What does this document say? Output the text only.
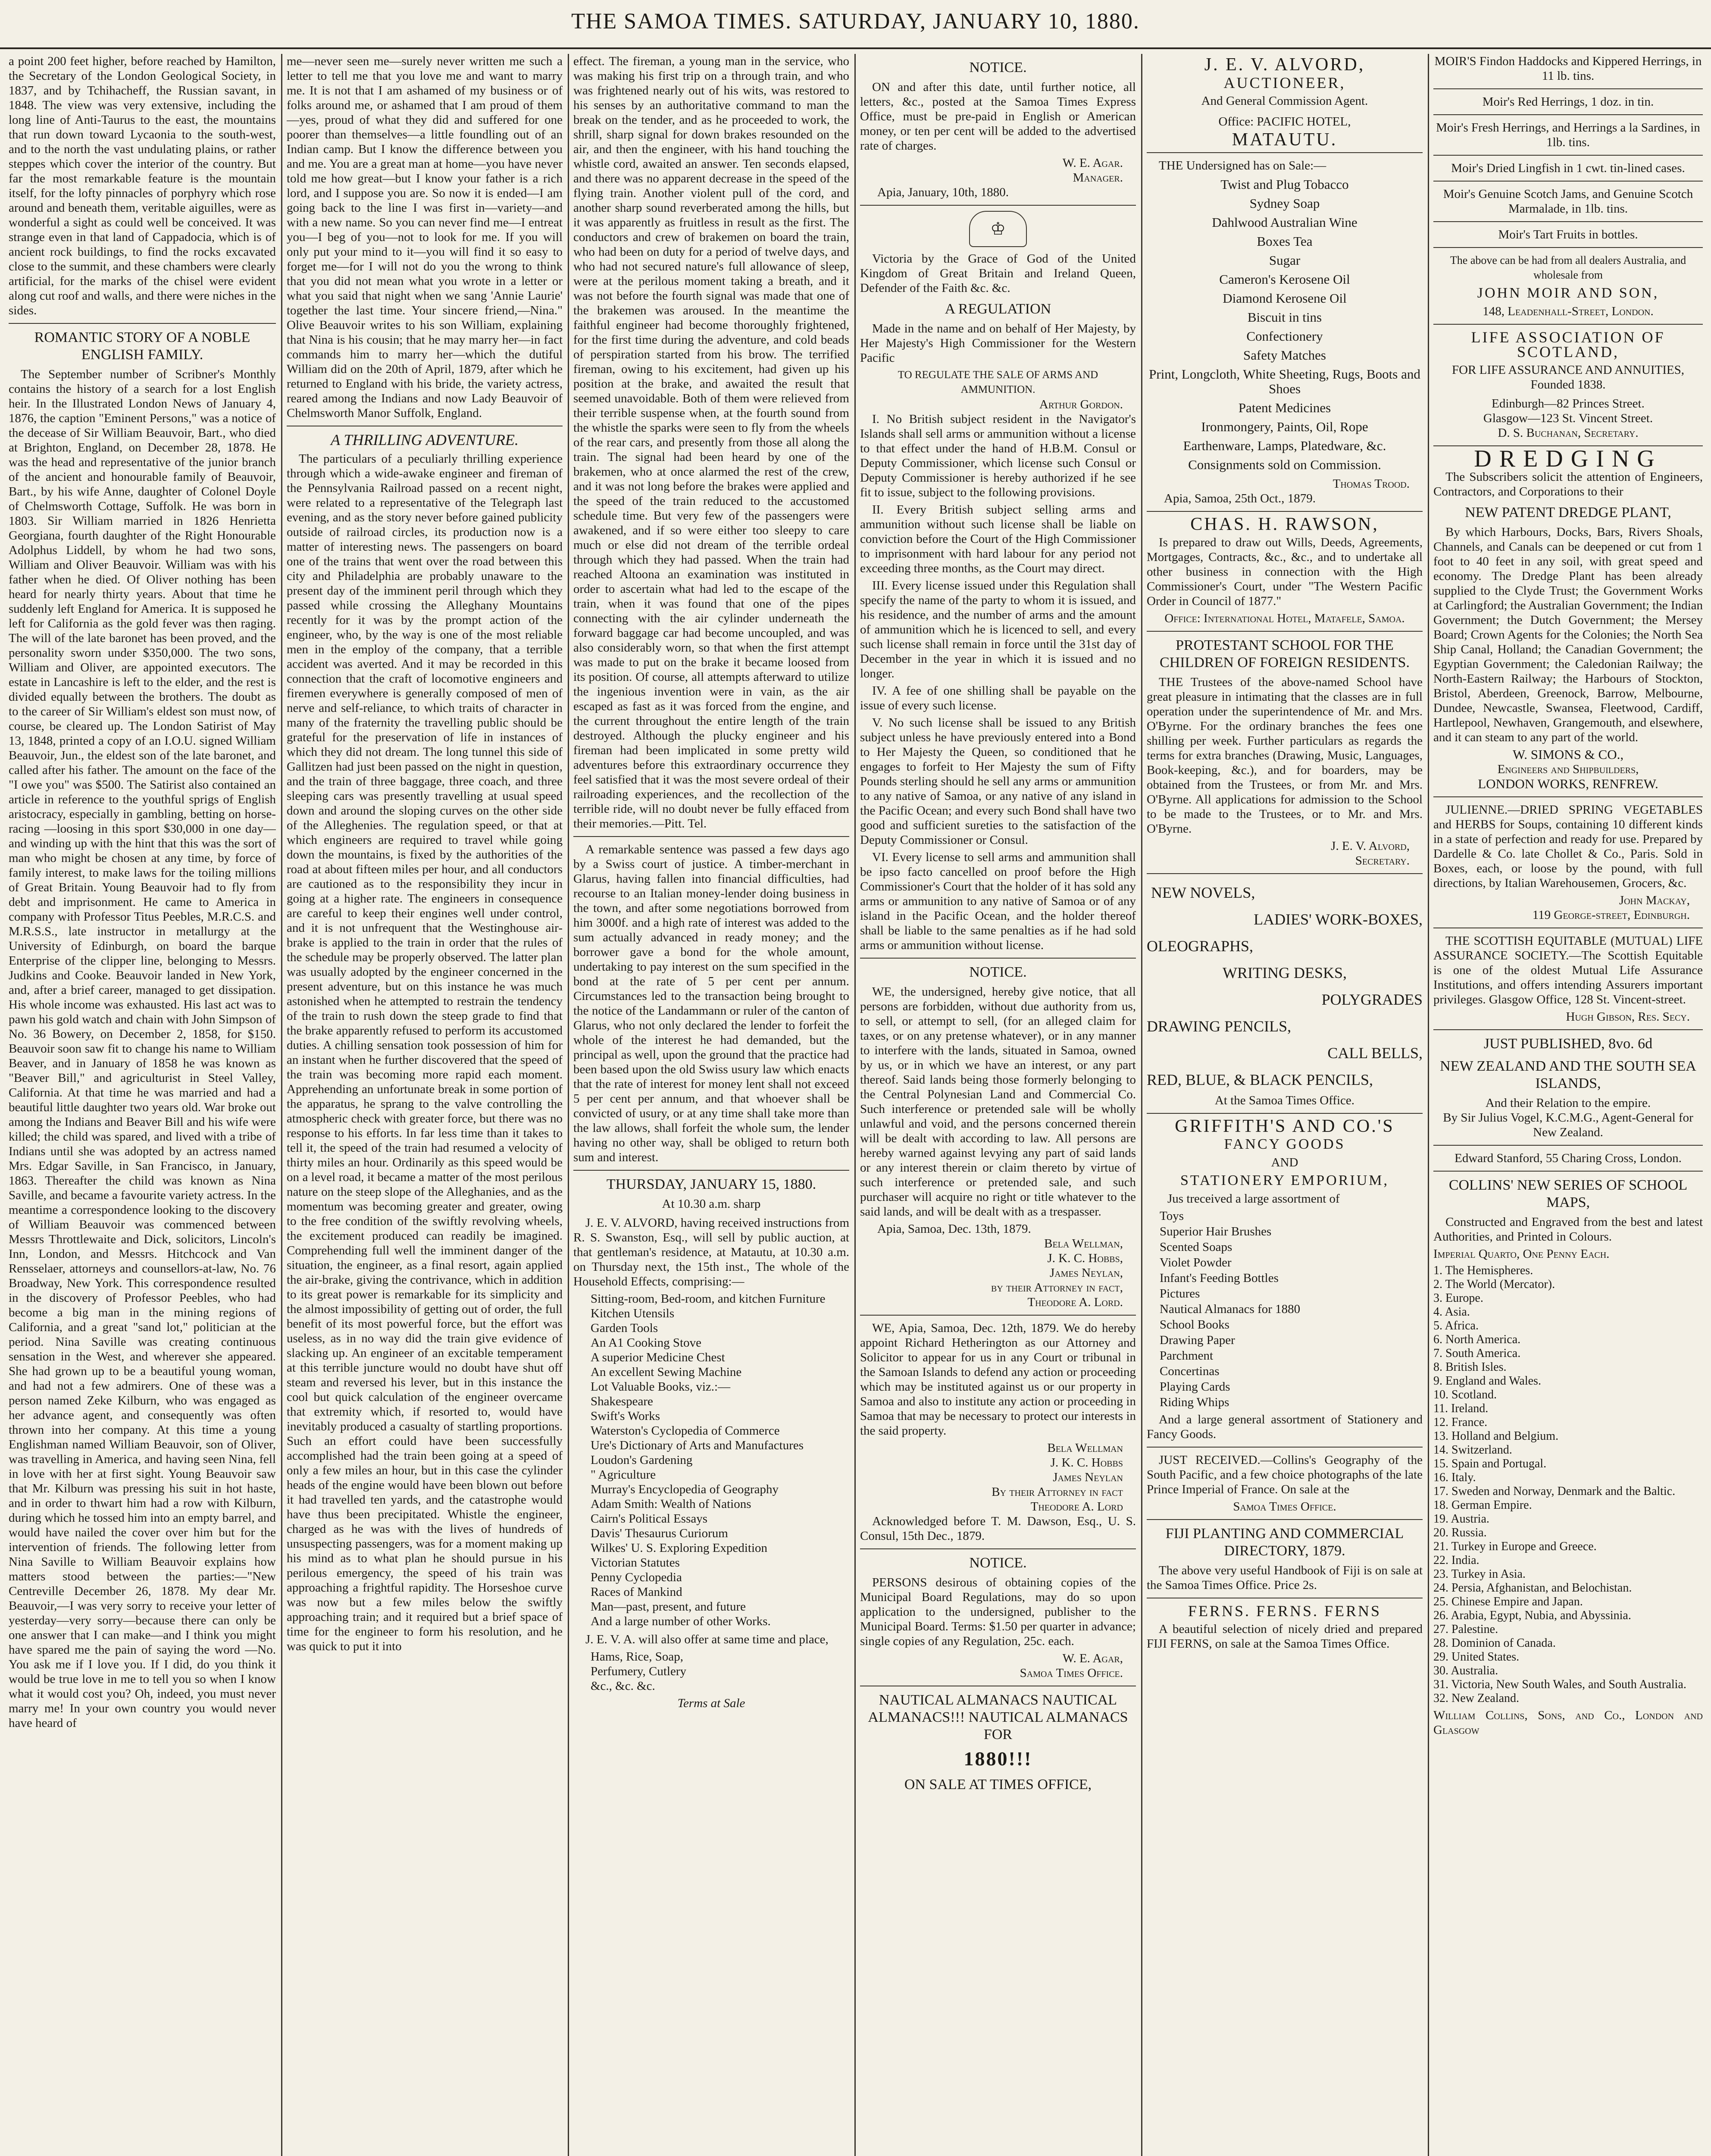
THE SAMOA TIMES. SATURDAY, JANUARY 10, 1880.

a point 200 feet higher, before reached by Hamilton, the Secretary of the London Geological Society, in 1837, and by Tchihacheff, the Russian savant, in 1848. The view was very extensive, including the long line of Anti-Taurus to the east, the mountains that run down toward Lycaonia to the south-west, and to the north the vast undulating plains, or rather steppes which cover the interior of the country. But far the most remarkable feature is the mountain itself, for the lofty pinnacles of porphyry which rose around and beneath them, veritable aiguilles, were as wonderful a sight as could well be conceived. It was strange even in that land of Cappadocia, which is of ancient rock buildings, to find the rocks excavated close to the summit, and these chambers were clearly artificial, for the marks of the chisel were evident along cut roof and walls, and there were niches in the sides.

ROMANTIC STORY OF A NOBLE ENGLISH FAMILY.

The September number of Scribner's Monthly contains the history of a search for a lost English heir. In the Illustrated London News of January 4, 1876, the caption "Eminent Persons," was a notice of the decease of Sir William Beauvoir, Bart., who died at Brighton, England, on December 28, 1878. He was the head and representative of the junior branch of the ancient and honourable family of Beauvoir, Bart., by his wife Anne, daughter of Colonel Doyle of Chelmsworth Cottage, Suffolk. He was born in 1803. Sir William married in 1826 Henrietta Georgiana, fourth daughter of the Right Honourable Adolphus Liddell, by whom he had two sons, William and Oliver Beauvoir. William was with his father when he died. Of Oliver nothing has been heard for nearly thirty years. About that time he suddenly left England for America. It is supposed he left for California as the gold fever was then raging. The will of the late baronet has been proved, and the personality sworn under $350,000. The two sons, William and Oliver, are appointed executors. The estate in Lancashire is left to the elder, and the rest is divided equally between the brothers. The doubt as to the career of Sir William's eldest son must now, of course, be cleared up. The London Satirist of May 13, 1848, printed a copy of an I.O.U. signed William Beauvoir, Jun., the eldest son of the late baronet, and called after his father. The amount on the face of the "I owe you" was $500. The Satirist also contained an article in reference to the youthful sprigs of English aristocracy, especially in gambling, betting on horse-racing —loosing in this sport $30,000 in one day—and winding up with the hint that this was the sort of man who might be chosen at any time, by force of family interest, to make laws for the toiling millions of Great Britain. Young Beauvoir had to fly from debt and imprisonment. He came to America in company with Professor Titus Peebles, M.R.C.S. and M.R.S.S., late instructor in metallurgy at the University of Edinburgh, on board the barque Enterprise of the clipper line, belonging to Messrs. Judkins and Cooke. Beauvoir landed in New York, and, after a brief career, managed to get dissipation. His whole income was exhausted. His last act was to pawn his gold watch and chain with John Simpson of No. 36 Bowery, on December 2, 1858, for $150. Beauvoir soon saw fit to change his name to William Beaver, and in January of 1858 he was known as "Beaver Bill," and agriculturist in Steel Valley, California. At that time he was married and had a beautiful little daughter two years old. War broke out among the Indians and Beaver Bill and his wife were killed; the child was spared, and lived with a tribe of Indians until she was adopted by an actress named Mrs. Edgar Saville, in San Francisco, in January, 1863. Thereafter the child was known as Nina Saville, and became a favourite variety actress. In the meantime a correspondence looking to the discovery of William Beauvoir was commenced between Messrs Throttlewaite and Dick, solicitors, Lincoln's Inn, London, and Messrs. Hitchcock and Van Rensselaer, attorneys and counsellors-at-law, No. 76 Broadway, New York. This correspondence resulted in the discovery of Professor Peebles, who had become a big man in the mining regions of California, and a great "sand lot," politician at the period. Nina Saville was creating continuous sensation in the West, and wherever she appeared. She had grown up to be a beautiful young woman, and had not a few admirers. One of these was a person named Zeke Kilburn, who was engaged as her advance agent, and consequently was often thrown into her company. At this time a young Englishman named William Beauvoir, son of Oliver, was travelling in America, and having seen Nina, fell in love with her at first sight. Young Beauvoir saw that Mr. Kilburn was pressing his suit in hot haste, and in order to thwart him had a row with Kilburn, during which he tossed him into an empty barrel, and would have nailed the cover over him but for the intervention of friends. The following letter from Nina Saville to William Beauvoir explains how matters stood between the parties:—"New Centreville December 26, 1878. My dear Mr. Beauvoir,—I was very sorry to receive your letter of yesterday—very sorry—because there can only be one answer that I can make—and I think you might have spared me the pain of saying the word —No. You ask me if I love you. If I did, do you think it would be true love in me to tell you so when I know what it would cost you? Oh, indeed, you must never marry me! In your own country you would never have heard of

me—never seen me—surely never written me such a letter to tell me that you love me and want to marry me. It is not that I am ashamed of my business or of folks around me, or ashamed that I am proud of them—yes, proud of what they did and suffered for one poorer than themselves—a little foundling out of an Indian camp. But I know the difference between you and me. You are a great man at home—you have never told me how great—but I know your father is a rich lord, and I suppose you are. So now it is ended—I am going back to the line I was first in—variety—and with a new name. So you can never find me—I entreat you—I beg of you—not to look for me. If you will only put your mind to it—you will find it so easy to forget me—for I will not do you the wrong to think that you did not mean what you wrote in a letter or what you said that night when we sang 'Annie Laurie' together the last time. Your sincere friend,—Nina." Olive Beauvoir writes to his son William, explaining that Nina is his cousin; that he may marry her—in fact commands him to marry her—which the dutiful William did on the 20th of April, 1879, after which he returned to England with his bride, the variety actress, reared among the Indians and now Lady Beauvoir of Chelmsworth Manor Suffolk, England.

A THRILLING ADVENTURE.

The particulars of a peculiarly thrilling experience through which a wide-awake engineer and fireman of the Pennsylvania Railroad passed on a recent night, were related to a representative of the Telegraph last evening, and as the story never before gained publicity outside of railroad circles, its production now is a matter of interesting news. The passengers on board one of the trains that went over the road between this city and Philadelphia are probably unaware to the present day of the imminent peril through which they passed while crossing the Alleghany Mountains recently for it was by the prompt action of the engineer, who, by the way is one of the most reliable men in the employ of the company, that a terrible accident was averted. And it may be recorded in this connection that the craft of locomotive engineers and firemen everywhere is generally composed of men of nerve and self-reliance, to which traits of character in many of the fraternity the travelling public should be grateful for the preservation of life in instances of which they did not dream. The long tunnel this side of Gallitzen had just been passed on the night in question, and the train of three baggage, three coach, and three sleeping cars was presently travelling at usual speed down and around the sloping curves on the other side of the Alleghenies. The regulation speed, or that at which engineers are required to travel while going down the mountains, is fixed by the authorities of the road at about fifteen miles per hour, and all conductors are cautioned as to the responsibility they incur in going at a higher rate. The engineers in consequence are careful to keep their engines well under control, and it is not unfrequent that the Westinghouse air-brake is applied to the train in order that the rules of the schedule may be properly observed. The latter plan was usually adopted by the engineer concerned in the present adventure, but on this instance he was much astonished when he attempted to restrain the tendency of the train to rush down the steep grade to find that the brake apparently refused to perform its accustomed duties. A chilling sensation took possession of him for an instant when he further discovered that the speed of the train was becoming more rapid each moment. Apprehending an unfortunate break in some portion of the apparatus, he sprang to the valve controlling the atmospheric check with greater force, but there was no response to his efforts. In far less time than it takes to tell it, the speed of the train had resumed a velocity of thirty miles an hour. Ordinarily as this speed would be on a level road, it became a matter of the most perilous nature on the steep slope of the Alleghanies, and as the momentum was becoming greater and greater, owing to the free condition of the swiftly revolving wheels, the excitement produced can readily be imagined. Comprehending full well the imminent danger of the situation, the engineer, as a final resort, again applied the air-brake, giving the contrivance, which in addition to its great power is remarkable for its simplicity and the almost impossibility of getting out of order, the full benefit of its most powerful force, but the effort was useless, as in no way did the train give evidence of slacking up. An engineer of an excitable temperament at this terrible juncture would no doubt have shut off steam and reversed his lever, but in this instance the cool but quick calculation of the engineer overcame that extremity which, if resorted to, would have inevitably produced a casualty of startling proportions. Such an effort could have been successfully accomplished had the train been going at a speed of only a few miles an hour, but in this case the cylinder heads of the engine would have been blown out before it had travelled ten yards, and the catastrophe would have thus been precipitated. Whistle the engineer, charged as he was with the lives of hundreds of unsuspecting passengers, was for a moment making up his mind as to what plan he should pursue in his perilous emergency, the speed of his train was approaching a frightful rapidity. The Horseshoe curve was now but a few miles below the swiftly approaching train; and it required but a brief space of time for the engineer to form his resolution, and he was quick to put it into

effect. The fireman, a young man in the service, who was making his first trip on a through train, and who was frightened nearly out of his wits, was restored to his senses by an authoritative command to man the break on the tender, and as he proceeded to work, the shrill, sharp signal for down brakes resounded on the air, and then the engineer, with his hand touching the whistle cord, awaited an answer. Ten seconds elapsed, and there was no apparent decrease in the speed of the flying train. Another violent pull of the cord, and another sharp sound reverberated among the hills, but it was apparently as fruitless in result as the first. The conductors and crew of brakemen on board the train, who had been on duty for a period of twelve days, and who had not secured nature's full allowance of sleep, were at the perilous moment taking a breath, and it was not before the fourth signal was made that one of the brakemen was aroused. In the meantime the faithful engineer had become thoroughly frightened, for the first time during the adventure, and cold beads of perspiration started from his brow. The terrified fireman, owing to his excitement, had given up his position at the brake, and awaited the result that seemed unavoidable. Both of them were relieved from their terrible suspense when, at the fourth sound from the whistle the sparks were seen to fly from the wheels of the rear cars, and presently from those all along the train. The signal had been heard by one of the brakemen, who at once alarmed the rest of the crew, and it was not long before the brakes were applied and the speed of the train reduced to the accustomed schedule time. But very few of the passengers were awakened, and if so were either too sleepy to care much or else did not dream of the terrible ordeal through which they had passed. When the train had reached Altoona an examination was instituted in order to ascertain what had led to the escape of the train, when it was found that one of the pipes connecting with the air cylinder underneath the forward baggage car had become uncoupled, and was also considerably worn, so that when the first attempt was made to put on the brake it became loosed from its position. Of course, all attempts afterward to utilize the ingenious invention were in vain, as the air escaped as fast as it was forced from the engine, and the current throughout the entire length of the train destroyed. Although the plucky engineer and his fireman had been implicated in some pretty wild adventures before this extraordinary occurrence they feel satisfied that it was the most severe ordeal of their railroading experiences, and the recollection of the terrible ride, will no doubt never be fully effaced from their memories.—Pitt. Tel.

A remarkable sentence was passed a few days ago by a Swiss court of justice. A timber-merchant in Glarus, having fallen into financial difficulties, had recourse to an Italian money-lender doing business in the town, and after some negotiations borrowed from him 3000f. and a high rate of interest was added to the sum actually advanced in ready money; and the borrower gave a bond for the whole amount, undertaking to pay interest on the sum specified in the bond at the rate of 5 per cent per annum. Circumstances led to the transaction being brought to the notice of the Landammann or ruler of the canton of Glarus, who not only declared the lender to forfeit the whole of the interest he had demanded, but the principal as well, upon the ground that the practice had been based upon the old Swiss usury law which enacts that the rate of interest for money lent shall not exceed 5 per cent per annum, and that whoever shall be convicted of usury, or at any time shall take more than the law allows, shall forfeit the whole sum, the lender having no other way, shall be obliged to return both sum and interest.

THURSDAY, JANUARY 15, 1880.
At 10.30 a.m. sharp

J. E. V. ALVORD, having received instructions from R. S. Swanston, Esq., will sell by public auction, at that gentleman's residence, at Matautu, at 10.30 a.m. on Thursday next, the 15th inst., The whole of the Household Effects, comprising:—

Sitting-room, Bed-room, and kitchen Furniture

Kitchen Utensils

Garden Tools

An A1 Cooking Stove

A superior Medicine Chest

An excellent Sewing Machine

Lot Valuable Books, viz.:—

Shakespeare

Swift's Works

Waterston's Cyclopedia of Commerce

Ure's Dictionary of Arts and Manufactures

Loudon's Gardening

" Agriculture

Murray's Encyclopedia of Geography

Adam Smith: Wealth of Nations

Cairn's Political Essays

Davis' Thesaurus Curiorum

Wilkes' U. S. Exploring Expedition

Victorian Statutes

Penny Cyclopedia

Races of Mankind

Man—past, present, and future

And a large number of other Works.

J. E. V. A. will also offer at same time and place,

Hams, Rice, Soap,

Perfumery, Cutlery

&c., &c. &c.

Terms at Sale
NOTICE.

ON and after this date, until further notice, all letters, &c., posted at the Samoa Times Express Office, must be pre-paid in English or American money, or ten per cent will be added to the advertised rate of charges.

W. E. Agar.
Manager.
Apia, January, 10th, 1880.
♔

Victoria by the Grace of God of the United Kingdom of Great Britain and Ireland Queen, Defender of the Faith &c. &c.

A REGULATION

Made in the name and on behalf of Her Majesty, by Her Majesty's High Commissioner for the Western Pacific

TO REGULATE THE SALE OF ARMS AND AMMUNITION.
Arthur Gordon.

I. No British subject resident in the Navigator's Islands shall sell arms or ammunition without a license to that effect under the hand of H.B.M. Consul or Deputy Commissioner, which license such Consul or Deputy Commissioner is hereby authorized if he see fit to issue, subject to the following provisions.

II. Every British subject selling arms and ammunition without such license shall be liable on conviction before the Court of the High Commissioner to imprisonment with hard labour for any period not exceeding three months, as the Court may direct.

III. Every license issued under this Regulation shall specify the name of the party to whom it is issued, and his residence, and the number of arms and the amount of ammunition which he is licenced to sell, and every such license shall remain in force until the 31st day of December in the year in which it is issued and no longer.

IV. A fee of one shilling shall be payable on the issue of every such license.

V. No such license shall be issued to any British subject unless he have previously entered into a Bond to Her Majesty the Queen, so conditioned that he engages to forfeit to Her Majesty the sum of Fifty Pounds sterling should he sell any arms or ammunition to any native of Samoa, or any native of any island in the Pacific Ocean; and every such Bond shall have two good and sufficient sureties to the satisfaction of the Deputy Commissioner or Consul.

VI. Every license to sell arms and ammunition shall be ipso facto cancelled on proof before the High Commissioner's Court that the holder of it has sold any arms or ammunition to any native of Samoa or of any island in the Pacific Ocean, and the holder thereof shall be liable to the same penalties as if he had sold arms or ammunition without license.

NOTICE.

WE, the undersigned, hereby give notice, that all persons are forbidden, without due authority from us, to sell, or attempt to sell, (for an alleged claim for taxes, or on any pretense whatever), or in any manner to interfere with the lands, situated in Samoa, owned by us, or in which we have an interest, or any part thereof. Said lands being those formerly belonging to the Central Polynesian Land and Commercial Co. Such interference or pretended sale will be wholly unlawful and void, and the persons concerned therein will be dealt with according to law. All persons are hereby warned against levying any part of said lands or any interest therein or claim thereto by virtue of such interference or pretended sale, and such purchaser will acquire no right or title whatever to the said lands, and will be dealt with as a trespasser.

Apia, Samoa, Dec. 13th, 1879.
Bela Wellman,
J. K. C. Hobbs,
James Neylan,
by their Attorney in fact,
Theodore A. Lord.

WE, Apia, Samoa, Dec. 12th, 1879. We do hereby appoint Richard Hetherington as our Attorney and Solicitor to appear for us in any Court or tribunal in the Samoan Islands to defend any action or proceeding which may be instituted against us or our property in Samoa and also to institute any action or proceeding in Samoa that may be necessary to protect our interests in the said property.

Bela Wellman
J. K. C. Hobbs
James Neylan
By their Attorney in fact
Theodore A. Lord

Acknowledged before T. M. Dawson, Esq., U. S. Consul, 15th Dec., 1879.

NOTICE.

PERSONS desirous of obtaining copies of the Municipal Board Regulations, may do so upon application to the undersigned, publisher to the Municipal Board. Terms: $1.50 per quarter in advance; single copies of any Regulation, 25c. each.

W. E. Agar,
Samoa Times Office.
NAUTICAL ALMANACS NAUTICAL ALMANACS!!! NAUTICAL ALMANACS FOR
1880!!!
ON SALE AT TIMES OFFICE,
J. E. V. ALVORD,
AUCTIONEER,
And General Commission Agent.
Office: PACIFIC HOTEL,
MATAUTU.

THE Undersigned has on Sale:—

Twist and Plug Tobacco
Sydney Soap
Dahlwood Australian Wine
Boxes Tea
Sugar
Cameron's Kerosene Oil
Diamond Kerosene Oil
Biscuit in tins
Confectionery
Safety Matches
Print, Longcloth, White Sheeting, Rugs, Boots and Shoes
Patent Medicines
Ironmongery, Paints, Oil, Rope
Earthenware, Lamps, Platedware, &c.
Consignments sold on Commission.
Thomas Trood.
Apia, Samoa, 25th Oct., 1879.
CHAS. H. RAWSON,

Is prepared to draw out Wills, Deeds, Agreements, Mortgages, Contracts, &c., &c., and to undertake all other business in connection with the High Commissioner's Court, under "The Western Pacific Order in Council of 1877."

Office: International Hotel, Matafele, Samoa.
PROTESTANT SCHOOL FOR THE CHILDREN OF FOREIGN RESIDENTS.

THE Trustees of the above-named School have great pleasure in intimating that the classes are in full operation under the superintendence of Mr. and Mrs. O'Byrne. For the ordinary branches the fees one shilling per week. Further particulars as regards the terms for extra branches (Drawing, Music, Languages, Book-keeping, &c.), and for boarders, may be obtained from the Trustees, or from Mr. and Mrs. O'Byrne. All applications for admission to the School to be made to the Trustees, or to Mr. and Mrs. O'Byrne.

J. E. V. Alvord,
Secretary.
NEW NOVELS,
LADIES' WORK-BOXES,
OLEOGRAPHS,
WRITING DESKS,
POLYGRADES
DRAWING PENCILS,
CALL BELLS,
RED, BLUE, & BLACK PENCILS,
At the Samoa Times Office.
GRIFFITH'S AND CO.'S
FANCY GOODS
AND
STATIONERY EMPORIUM,

Jus treceived a large assortment of

Toys
Superior Hair Brushes
Scented Soaps
Violet Powder
Infant's Feeding Bottles
Pictures
Nautical Almanacs for 1880
School Books
Drawing Paper
Parchment
Concertinas
Playing Cards
Riding Whips

And a large general assortment of Stationery and Fancy Goods.

JUST RECEIVED.—Collins's Geography of the South Pacific, and a few choice photographs of the late Prince Imperial of France. On sale at the

Samoa Times Office.
FIJI PLANTING AND COMMERCIAL DIRECTORY, 1879.

The above very useful Handbook of Fiji is on sale at the Samoa Times Office. Price 2s.

FERNS. FERNS. FERNS

A beautiful selection of nicely dried and prepared FIJI FERNS, on sale at the Samoa Times Office.

MOIR'S Findon Haddocks and Kippered Herrings, in 11 lb. tins.
Moir's Red Herrings, 1 doz. in tin.
Moir's Fresh Herrings, and Herrings a la Sardines, in 1lb. tins.
Moir's Dried Lingfish in 1 cwt. tin-lined cases.
Moir's Genuine Scotch Jams, and Genuine Scotch Marmalade, in 1lb. tins.
Moir's Tart Fruits in bottles.
The above can be had from all dealers Australia, and wholesale from
JOHN MOIR AND SON,
148, Leadenhall-Street, London.
LIFE ASSOCIATION OF SCOTLAND,
FOR LIFE ASSURANCE AND ANNUITIES, Founded 1838.
Edinburgh—82 Princes Street.
Glasgow—123 St. Vincent Street.
D. S. Buchanan, Secretary.
DREDGING

The Subscribers solicit the attention of Engineers, Contractors, and Corporations to their

NEW PATENT DREDGE PLANT,

By which Harbours, Docks, Bars, Rivers Shoals, Channels, and Canals can be deepened or cut from 1 foot to 40 feet in any soil, with great speed and economy. The Dredge Plant has been already supplied to the Clyde Trust; the Government Works at Carlingford; the Australian Government; the Indian Government; the Dutch Government; the Mersey Board; Crown Agents for the Colonies; the North Sea Ship Canal, Holland; the Canadian Government; the Egyptian Government; the Caledonian Railway; the North-Eastern Railway; the Harbours of Stockton, Bristol, Aberdeen, Greenock, Barrow, Melbourne, Dundee, Newcastle, Swansea, Fleetwood, Cardiff, Hartlepool, Newhaven, Grangemouth, and elsewhere, and it can steam to any part of the world.

W. SIMONS & CO.,
Engineers and Shipbuilders,
LONDON WORKS, RENFREW.

JULIENNE.—DRIED SPRING VEGETABLES and HERBS for Soups, containing 10 different kinds in a state of perfection and ready for use. Prepared by Dardelle & Co. late Chollet & Co., Paris. Sold in Boxes, each, or loose by the pound, with full directions, by Italian Warehousemen, Grocers, &c.

John Mackay,
119 George-street, Edinburgh.

THE SCOTTISH EQUITABLE (MUTUAL) LIFE ASSURANCE SOCIETY.—The Scottish Equitable is one of the oldest Mutual Life Assurance Institutions, and offers intending Assurers important privileges. Glasgow Office, 128 St. Vincent-street.

Hugh Gibson, Res. Secy.
JUST PUBLISHED, 8vo. 6d
NEW ZEALAND AND THE SOUTH SEA ISLANDS,
And their Relation to the empire.
By Sir Julius Vogel, K.C.M.G., Agent-General for New Zealand.
Edward Stanford, 55 Charing Cross, London.
COLLINS' NEW SERIES OF SCHOOL MAPS,

Constructed and Engraved from the best and latest Authorities, and Printed in Colours.

Imperial Quarto, One Penny Each.
1. The Hemispheres.
2. The World (Mercator).
3. Europe.
4. Asia.
5. Africa.
6. North America.
7. South America.
8. British Isles.
9. England and Wales.
10. Scotland.
11. Ireland.
12. France.
13. Holland and Belgium.
14. Switzerland.
15. Spain and Portugal.
16. Italy.
17. Sweden and Norway, Denmark and the Baltic.
18. German Empire.
19. Austria.
20. Russia.
21. Turkey in Europe and Greece.
22. India.
23. Turkey in Asia.
24. Persia, Afghanistan, and Belochistan.
25. Chinese Empire and Japan.
26. Arabia, Egypt, Nubia, and Abyssinia.
27. Palestine.
28. Dominion of Canada.
29. United States.
30. Australia.
31. Victoria, New South Wales, and South Australia.
32. New Zealand.
William Collins, Sons, and Co., London and Glasgow
